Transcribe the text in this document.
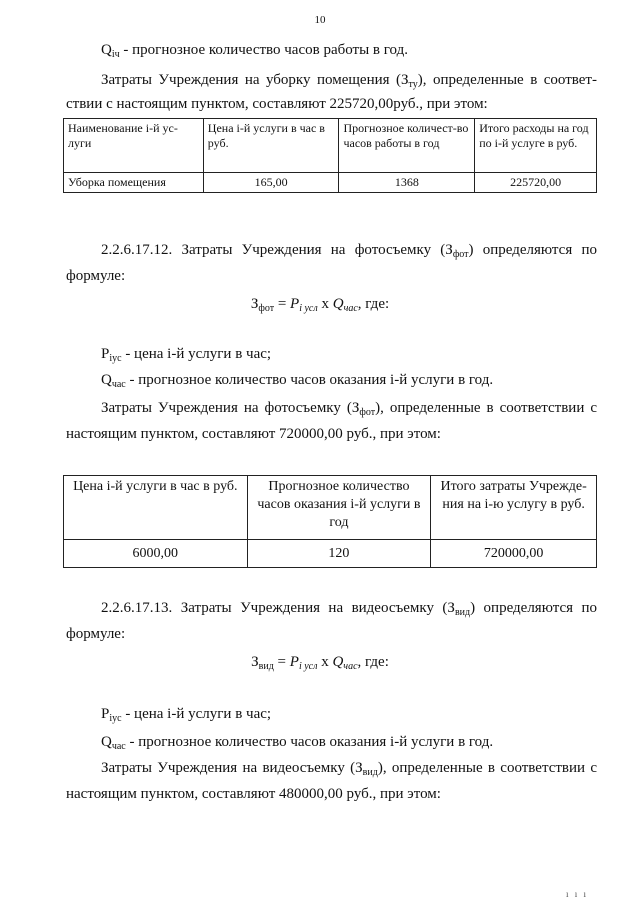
10
$Q_{iч}$ - прогнозное количество часов работы в год.
Затраты Учреждения на уборку помещения $(З_{ту})$, определенные в соответ-
ствии с настоящим пунктом, составляют 225720,00руб., при этом:
Наименование i-й ус-луги	Цена i-й услуги в час в руб.	Прогнозное количест-во часов работы в год	Итого расходы на год по i-й услуге в руб.
Уборка помещения	165,00	1368	225720,00
2.2.6.17.12. Затраты Учреждения на фотосъемку $(З_{фот})$ определяются по
формуле:
$З_{фот} = P_{i усл}$ x $Q_{час}$, где:
$P_{iус}$ - цена i-й услуги в час;
$Q_{час}$ - прогнозное количество часов оказания i-й услуги в год.
Затраты Учреждения на фотосъемку $(З_{фот})$, определенные в соответствии с
настоящим пунктом, составляют 720000,00 руб., при этом:
Цена i-й услуги в час в руб.	Прогнозное количество часов оказания i-й услуги в год	Итого затраты Учрежде-ния на i-ю услугу в руб.
6000,00	120	720000,00
2.2.6.17.13. Затраты Учреждения на видеосъемку $(З_{вид})$ определяются по
формуле:
$З_{вид} = P_{i усл}$ x $Q_{час}$, где:
$P_{iус}$ - цена i-й услуги в час;
$Q_{час}$ - прогнозное количество часов оказания i-й услуги в год.
Затраты Учреждения на видеосъемку $(З_{вид})$, определенные в соответствии с
настоящим пунктом, составляют 480000,00 руб., при этом:
ı ı ı
